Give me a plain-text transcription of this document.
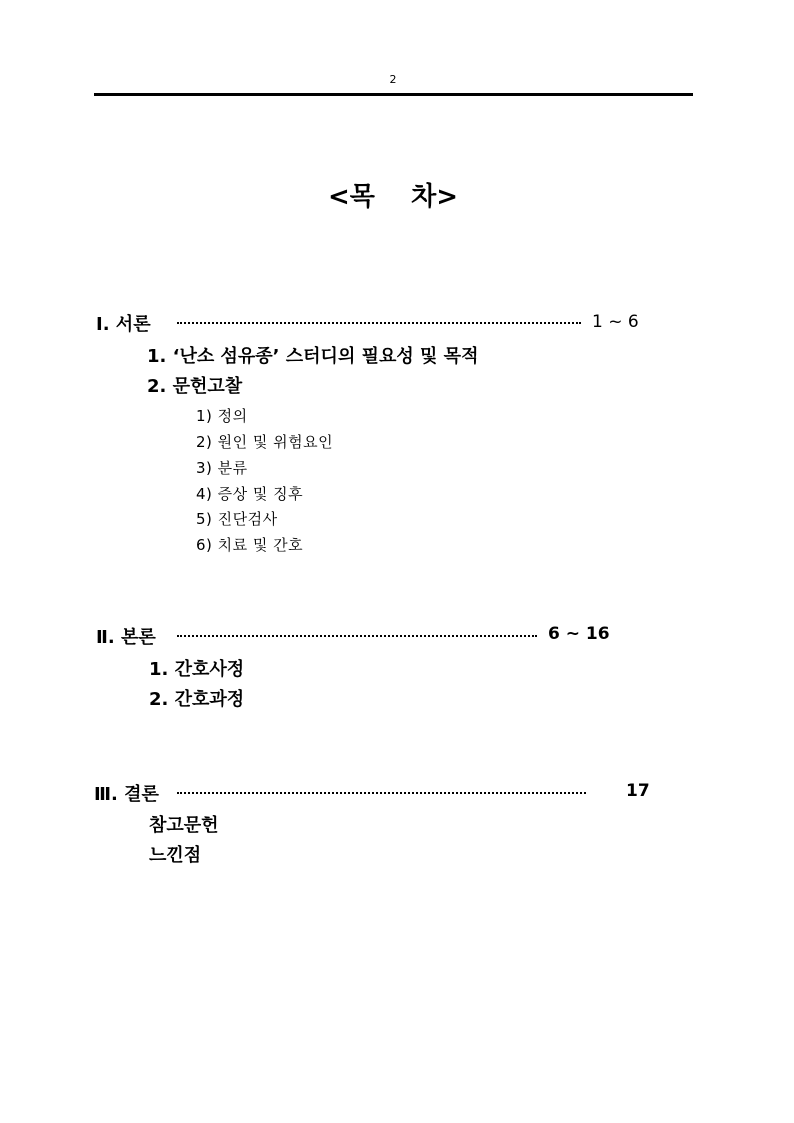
2
<목    차>
Ⅰ. 서론	1 ~ 6
1. ‘난소 섬유종’ 스터디의 필요성 및 목적
2. 문헌고찰
1) 정의
2) 원인 및 위험요인
3) 분류
4) 증상 및 징후
5) 진단검사
6) 치료 및 간호
Ⅱ. 본론	6 ~ 16
1. 간호사정
2. 간호과정
Ⅲ. 결론	17
참고문헌
느낀점
